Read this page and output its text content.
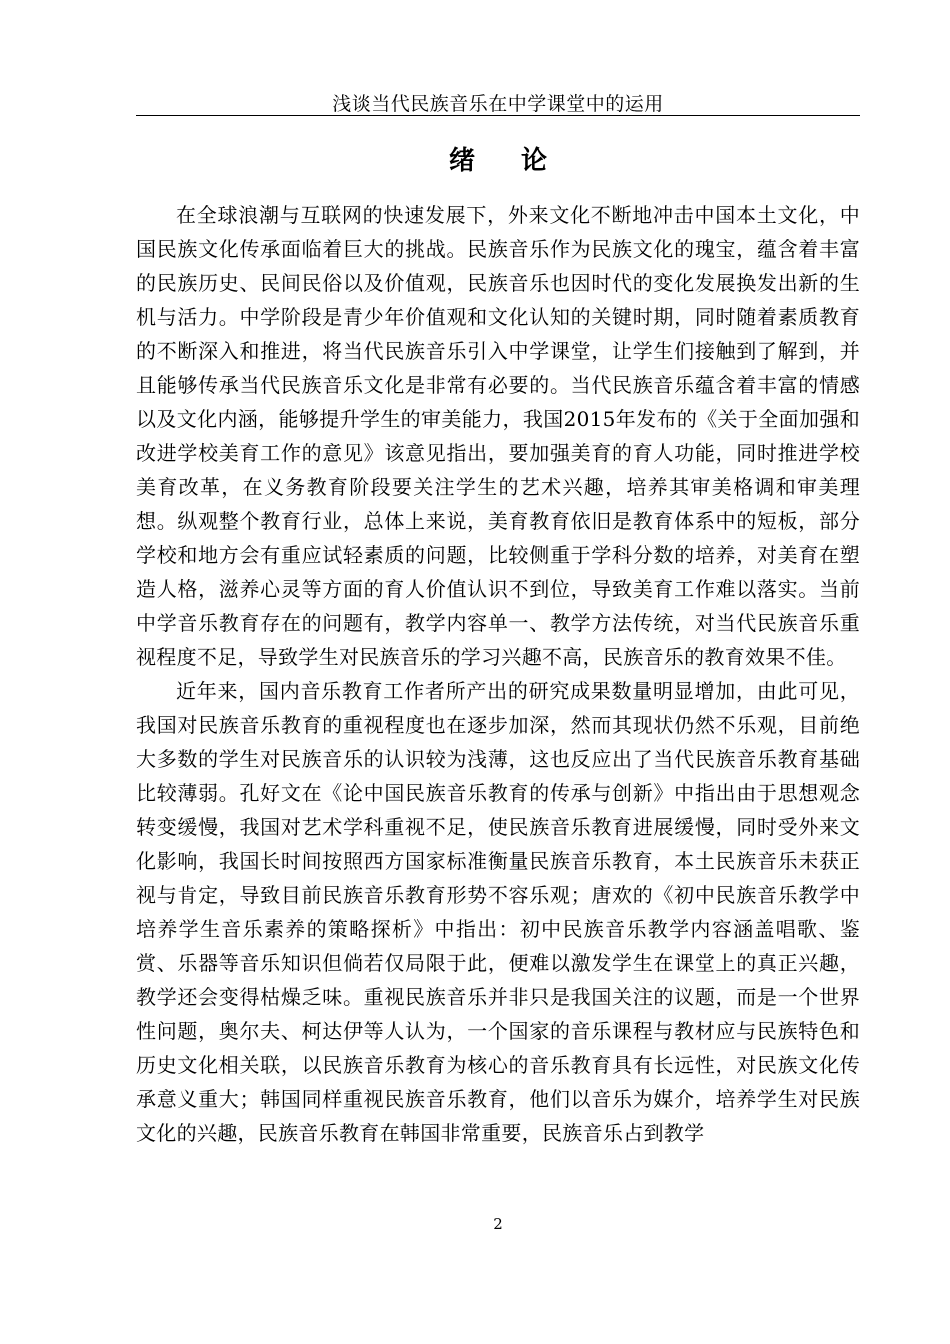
浅谈当代民族音乐在中学课堂中的运用
绪论

在全球浪潮与互联网的快速发展下，外来文化不断地冲击中国本土文化，中国民族文化传承面临着巨大的挑战。民族音乐作为民族文化的瑰宝，蕴含着丰富的民族历史、民间民俗以及价值观，民族音乐也因时代的变化发展换发出新的生机与活力。中学阶段是青少年价值观和文化认知的关键时期，同时随着素质教育的不断深入和推进，将当代民族音乐引入中学课堂，让学生们接触到了解到，并且能够传承当代民族音乐文化是非常有必要的。当代民族音乐蕴含着丰富的情感以及文化内涵，能够提升学生的审美能力，我国2015年发布的《关于全面加强和改进学校美育工作的意见》该意见指出，要加强美育的育人功能，同时推进学校美育改革，在义务教育阶段要关注学生的艺术兴趣，培养其审美格调和审美理想。纵观整个教育行业，总体上来说，美育教育依旧是教育体系中的短板，部分学校和地方会有重应试轻素质的问题，比较侧重于学科分数的培养，对美育在塑造人格，滋养心灵等方面的育人价值认识不到位，导致美育工作难以落实。当前中学音乐教育存在的问题有，教学内容单一、教学方法传统，对当代民族音乐重视程度不足，导致学生对民族音乐的学习兴趣不高，民族音乐的教育效果不佳。

近年来，国内音乐教育工作者所产出的研究成果数量明显增加，由此可见，我国对民族音乐教育的重视程度也在逐步加深，然而其现状仍然不乐观，目前绝大多数的学生对民族音乐的认识较为浅薄，这也反应出了当代民族音乐教育基础比较薄弱。孔好文在《论中国民族音乐教育的传承与创新》中指出由于思想观念转变缓慢，我国对艺术学科重视不足，使民族音乐教育进展缓慢，同时受外来文化影响，我国长时间按照西方国家标准衡量民族音乐教育，本土民族音乐未获正视与肯定，导致目前民族音乐教育形势不容乐观；唐欢的《初中民族音乐教学中培养学生音乐素养的策略探析》中指出：初中民族音乐教学内容涵盖唱歌、鉴赏、乐器等音乐知识但倘若仅局限于此，便难以激发学生在课堂上的真正兴趣，教学还会变得枯燥乏味。重视民族音乐并非只是我国关注的议题，而是一个世界性问题，奥尔夫、柯达伊等人认为，一个国家的音乐课程与教材应与民族特色和历史文化相关联，以民族音乐教育为核心的音乐教育具有长远性，对民族文化传承意义重大；韩国同样重视民族音乐教育，他们以音乐为媒介，培养学生对民族文化的兴趣，民族音乐教育在韩国非常重要，民族音乐占到教学

2
